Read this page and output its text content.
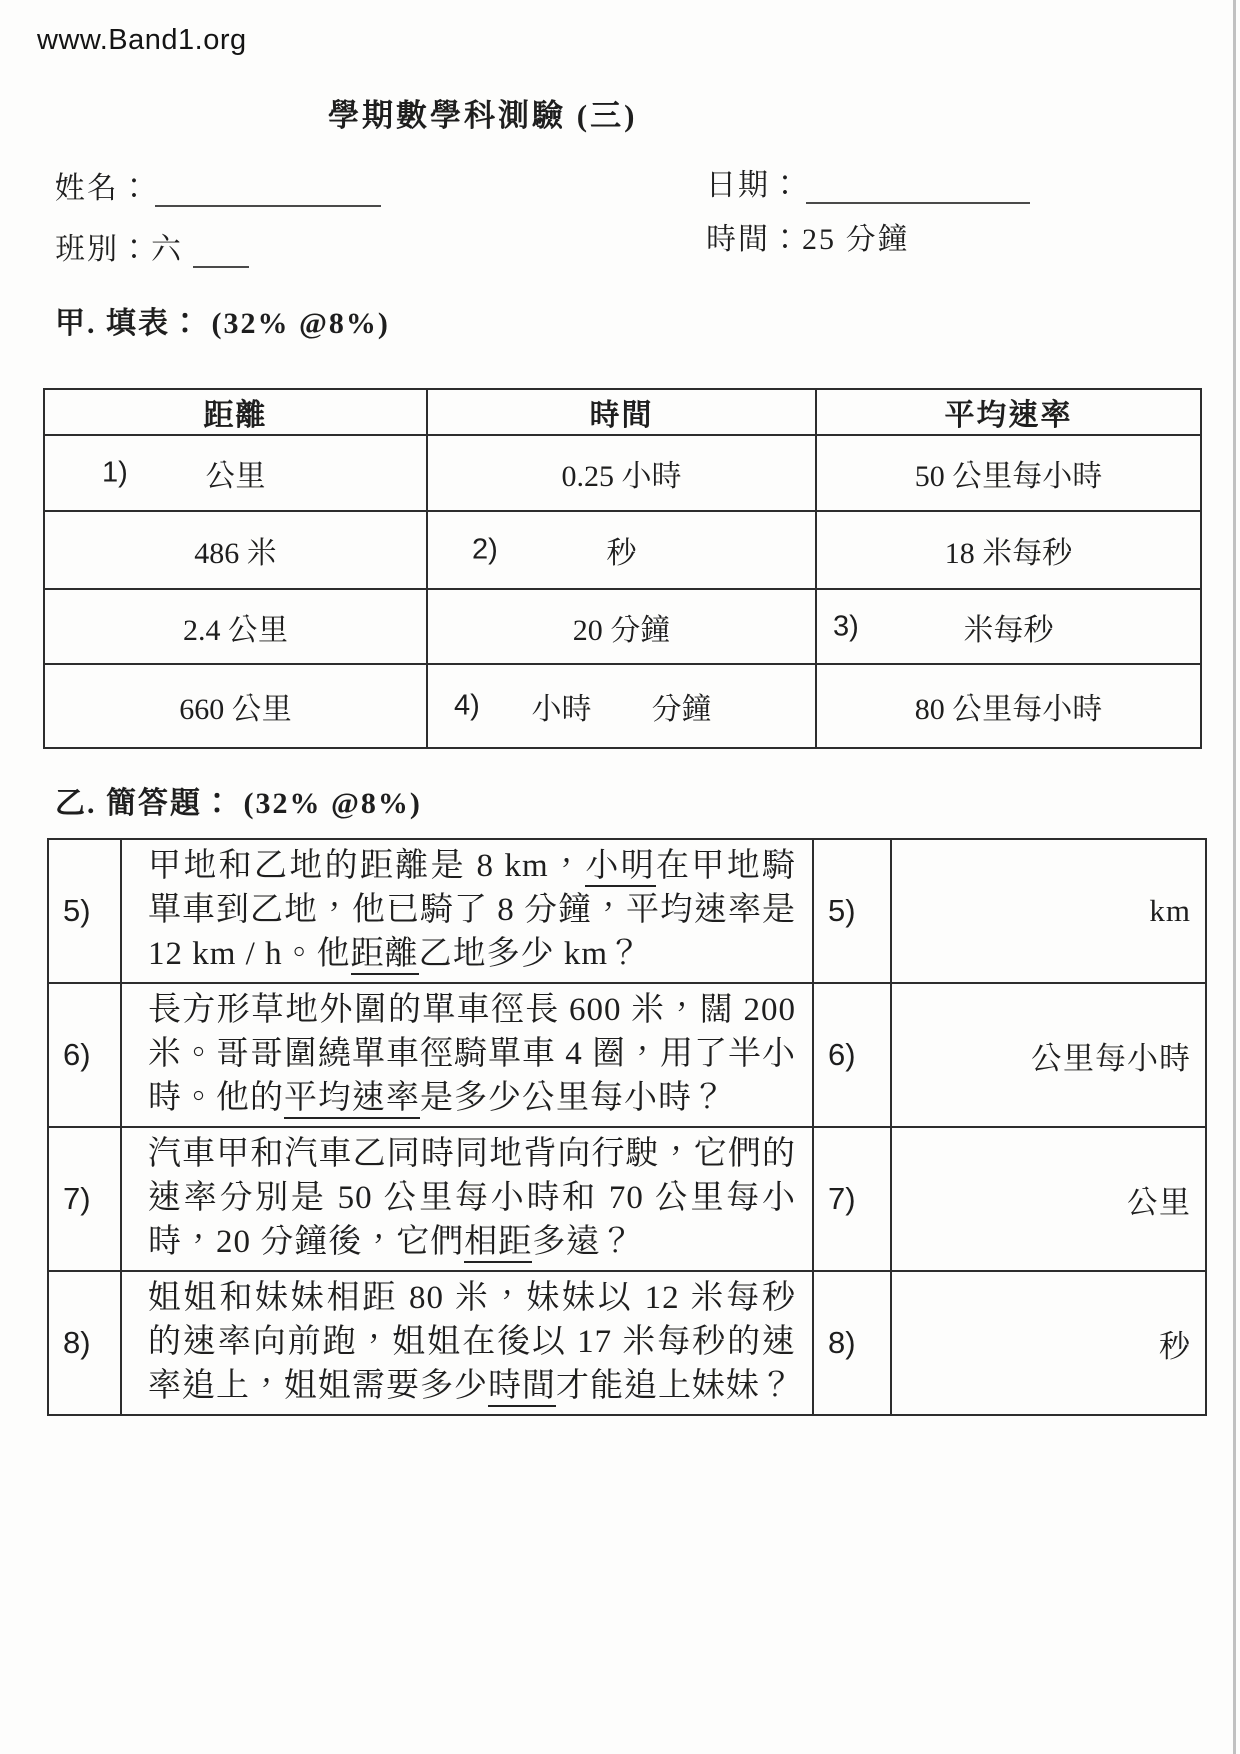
www.Band1.org
學期數學科測驗 (三)
姓名：
班別：六
日期：
時間：25 分鐘
甲. 填表： (32% @8%)
距離	時間	平均速率

1) 公里	0.25 小時	50 公里每小時
486 米	2) 秒	18 米每秒
2.4 公里	20 分鐘	3) 米每秒
660 公里	4) 小時　　分鐘	80 公里每小時
乙. 簡答題： (32% @8%)
5)	甲地和乙地的距離是 8 km，小明在甲地騎單車到乙地，他已騎了 8 分鐘，平均速率是 12 km / h。他距離乙地多少 km？	5)	km
6)	長方形草地外圍的單車徑長 600 米，闊 200 米。哥哥圍繞單車徑騎單車 4 圈，用了半小時。他的平均速率是多少公里每小時？	6)	公里每小時
7)	汽車甲和汽車乙同時同地背向行駛，它們的速率分別是 50 公里每小時和 70 公里每小時，20 分鐘後，它們相距多遠？	7)	公里
8)	姐姐和妹妹相距 80 米，妹妹以 12 米每秒的速率向前跑，姐姐在後以 17 米每秒的速率追上，姐姐需要多少時間才能追上妹妹？	8)	秒
